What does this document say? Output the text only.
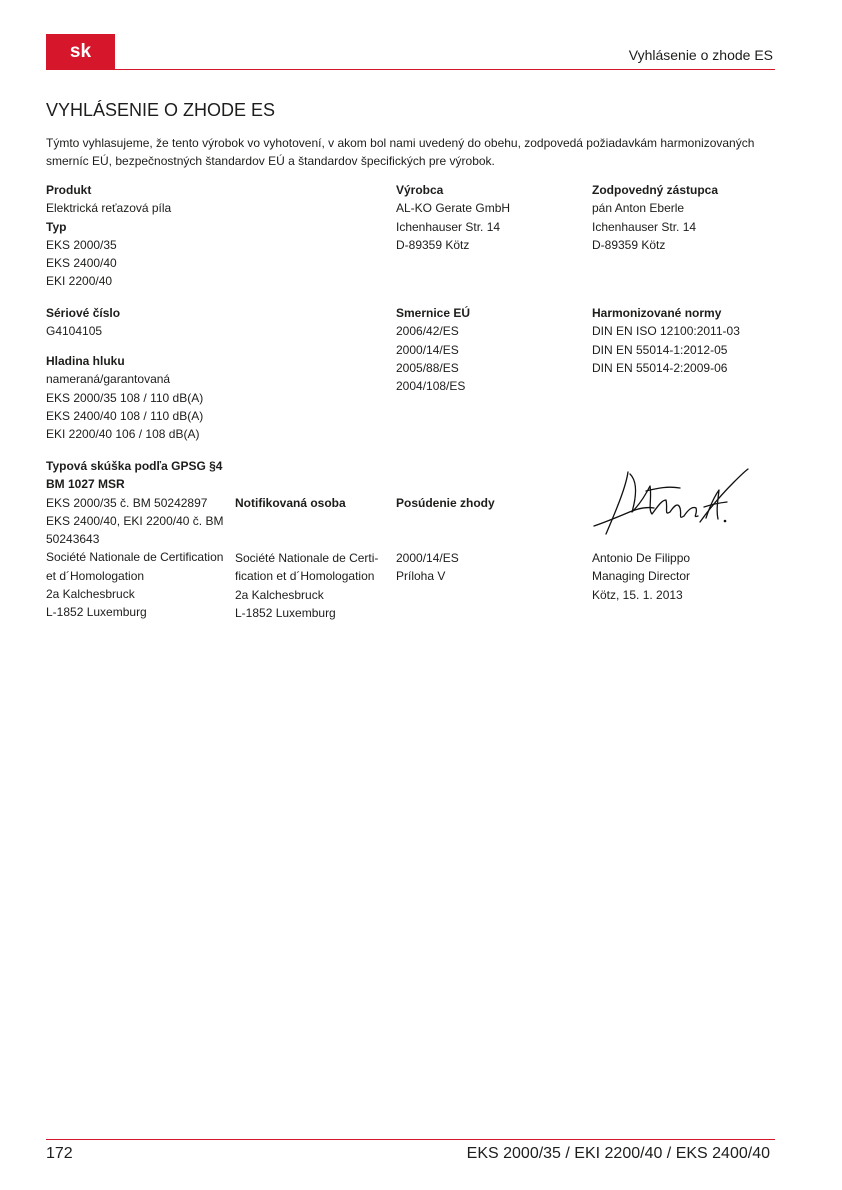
sk	Vyhlásenie o zhode ES
VYHLÁSENIE O ZHODE ES

Týmto vyhlasujeme, že tento výrobok vo vyhotovení, v akom bol nami uvedený do obehu, zodpovedá požiadavkám harmonizovaných smerníc EÚ, bezpečnostných štandardov EÚ a štandardov špecifických pre výrobok.

Produkt
Elektrická reťazová píla
Typ
EKS 2000/35
EKS 2400/40
EKI 2200/40
Výrobca
AL-KO Gerate GmbH
Ichenhauser Str. 14
D-89359 Kötz
Zodpovedný zástupca
pán Anton Eberle
Ichenhauser Str. 14
D-89359 Kötz
Sériové číslo
G4104105
Hladina hluku
nameraná/garantovaná
EKS 2000/35 108 / 110 dB(A)
EKS 2400/40 108 / 110 dB(A)
EKI 2200/40 106 / 108 dB(A)
Smernice EÚ
2006/42/ES
2000/14/ES
2005/88/ES
2004/108/ES
Harmonizované normy
DIN EN ISO 12100:2011-03
DIN EN 55014-1:2012-05
DIN EN 55014-2:2009-06
Typová skúška podľa GPSG §4
BM 1027 MSR
EKS 2000/35 č. BM 50242897
EKS 2400/40, EKI 2200/40 č. BM
50243643
Société Nationale de Certification
et d´Homologation
2a Kalchesbruck
L-1852 Luxemburg
Notifikovaná osoba
Société Nationale de Certi-
fication et d´Homologation
2a Kalchesbruck
L-1852 Luxemburg
Posúdenie zhody
2000/14/ES
Príloha V
Antonio De Filippo
Managing Director
Kötz, 15. 1. 2013
172	EKS 2000/35 / EKI 2200/40 / EKS 2400/40
